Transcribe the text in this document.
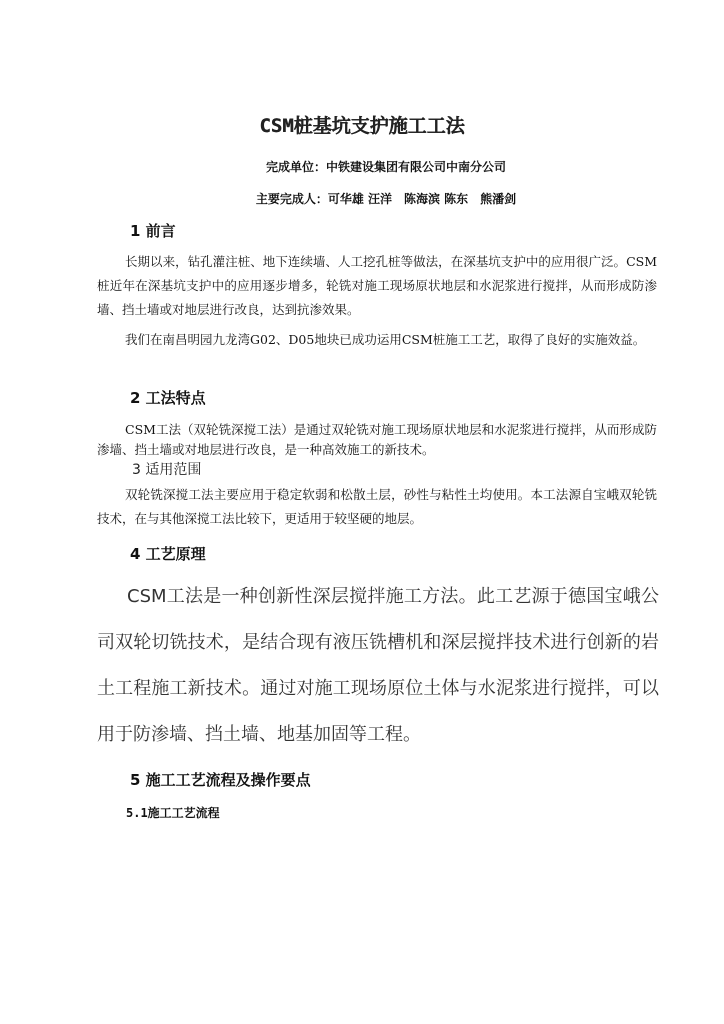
CSM桩基坑支护施工工法
完成单位：中铁建设集团有限公司中南分公司
主要完成人：可华雄 汪洋　陈海滨 陈东　熊潘剑
1 前言

长期以来，钻孔灌注桩、地下连续墙、人工挖孔桩等做法，在深基坑支护中的应用很广泛。CSM桩近年在深基坑支护中的应用逐步增多，轮铣对施工现场原状地层和水泥浆进行搅拌，从而形成防渗墙、挡土墙或对地层进行改良，达到抗渗效果。

我们在南昌明园九龙湾G02、D05地块已成功运用CSM桩施工工艺，取得了良好的实施效益。

2 工法特点

CSM工法（双轮铣深搅工法）是通过双轮铣对施工现场原状地层和水泥浆进行搅拌，从而形成防渗墙、挡土墙或对地层进行改良，是一种高效施工的新技术。

3 适用范围

双轮铣深搅工法主要应用于稳定软弱和松散土层，砂性与粘性土均使用。本工法源自宝峨双轮铣技术，在与其他深搅工法比较下，更适用于较坚硬的地层。

4 工艺原理

CSM工法是一种创新性深层搅拌施工方法。此工艺源于德国宝峨公司双轮切铣技术，是结合现有液压铣槽机和深层搅拌技术进行创新的岩土工程施工新技术。通过对施工现场原位土体与水泥浆进行搅拌，可以用于防渗墙、挡土墙、地基加固等工程。

5 施工工艺流程及操作要点
5.1施工工艺流程
